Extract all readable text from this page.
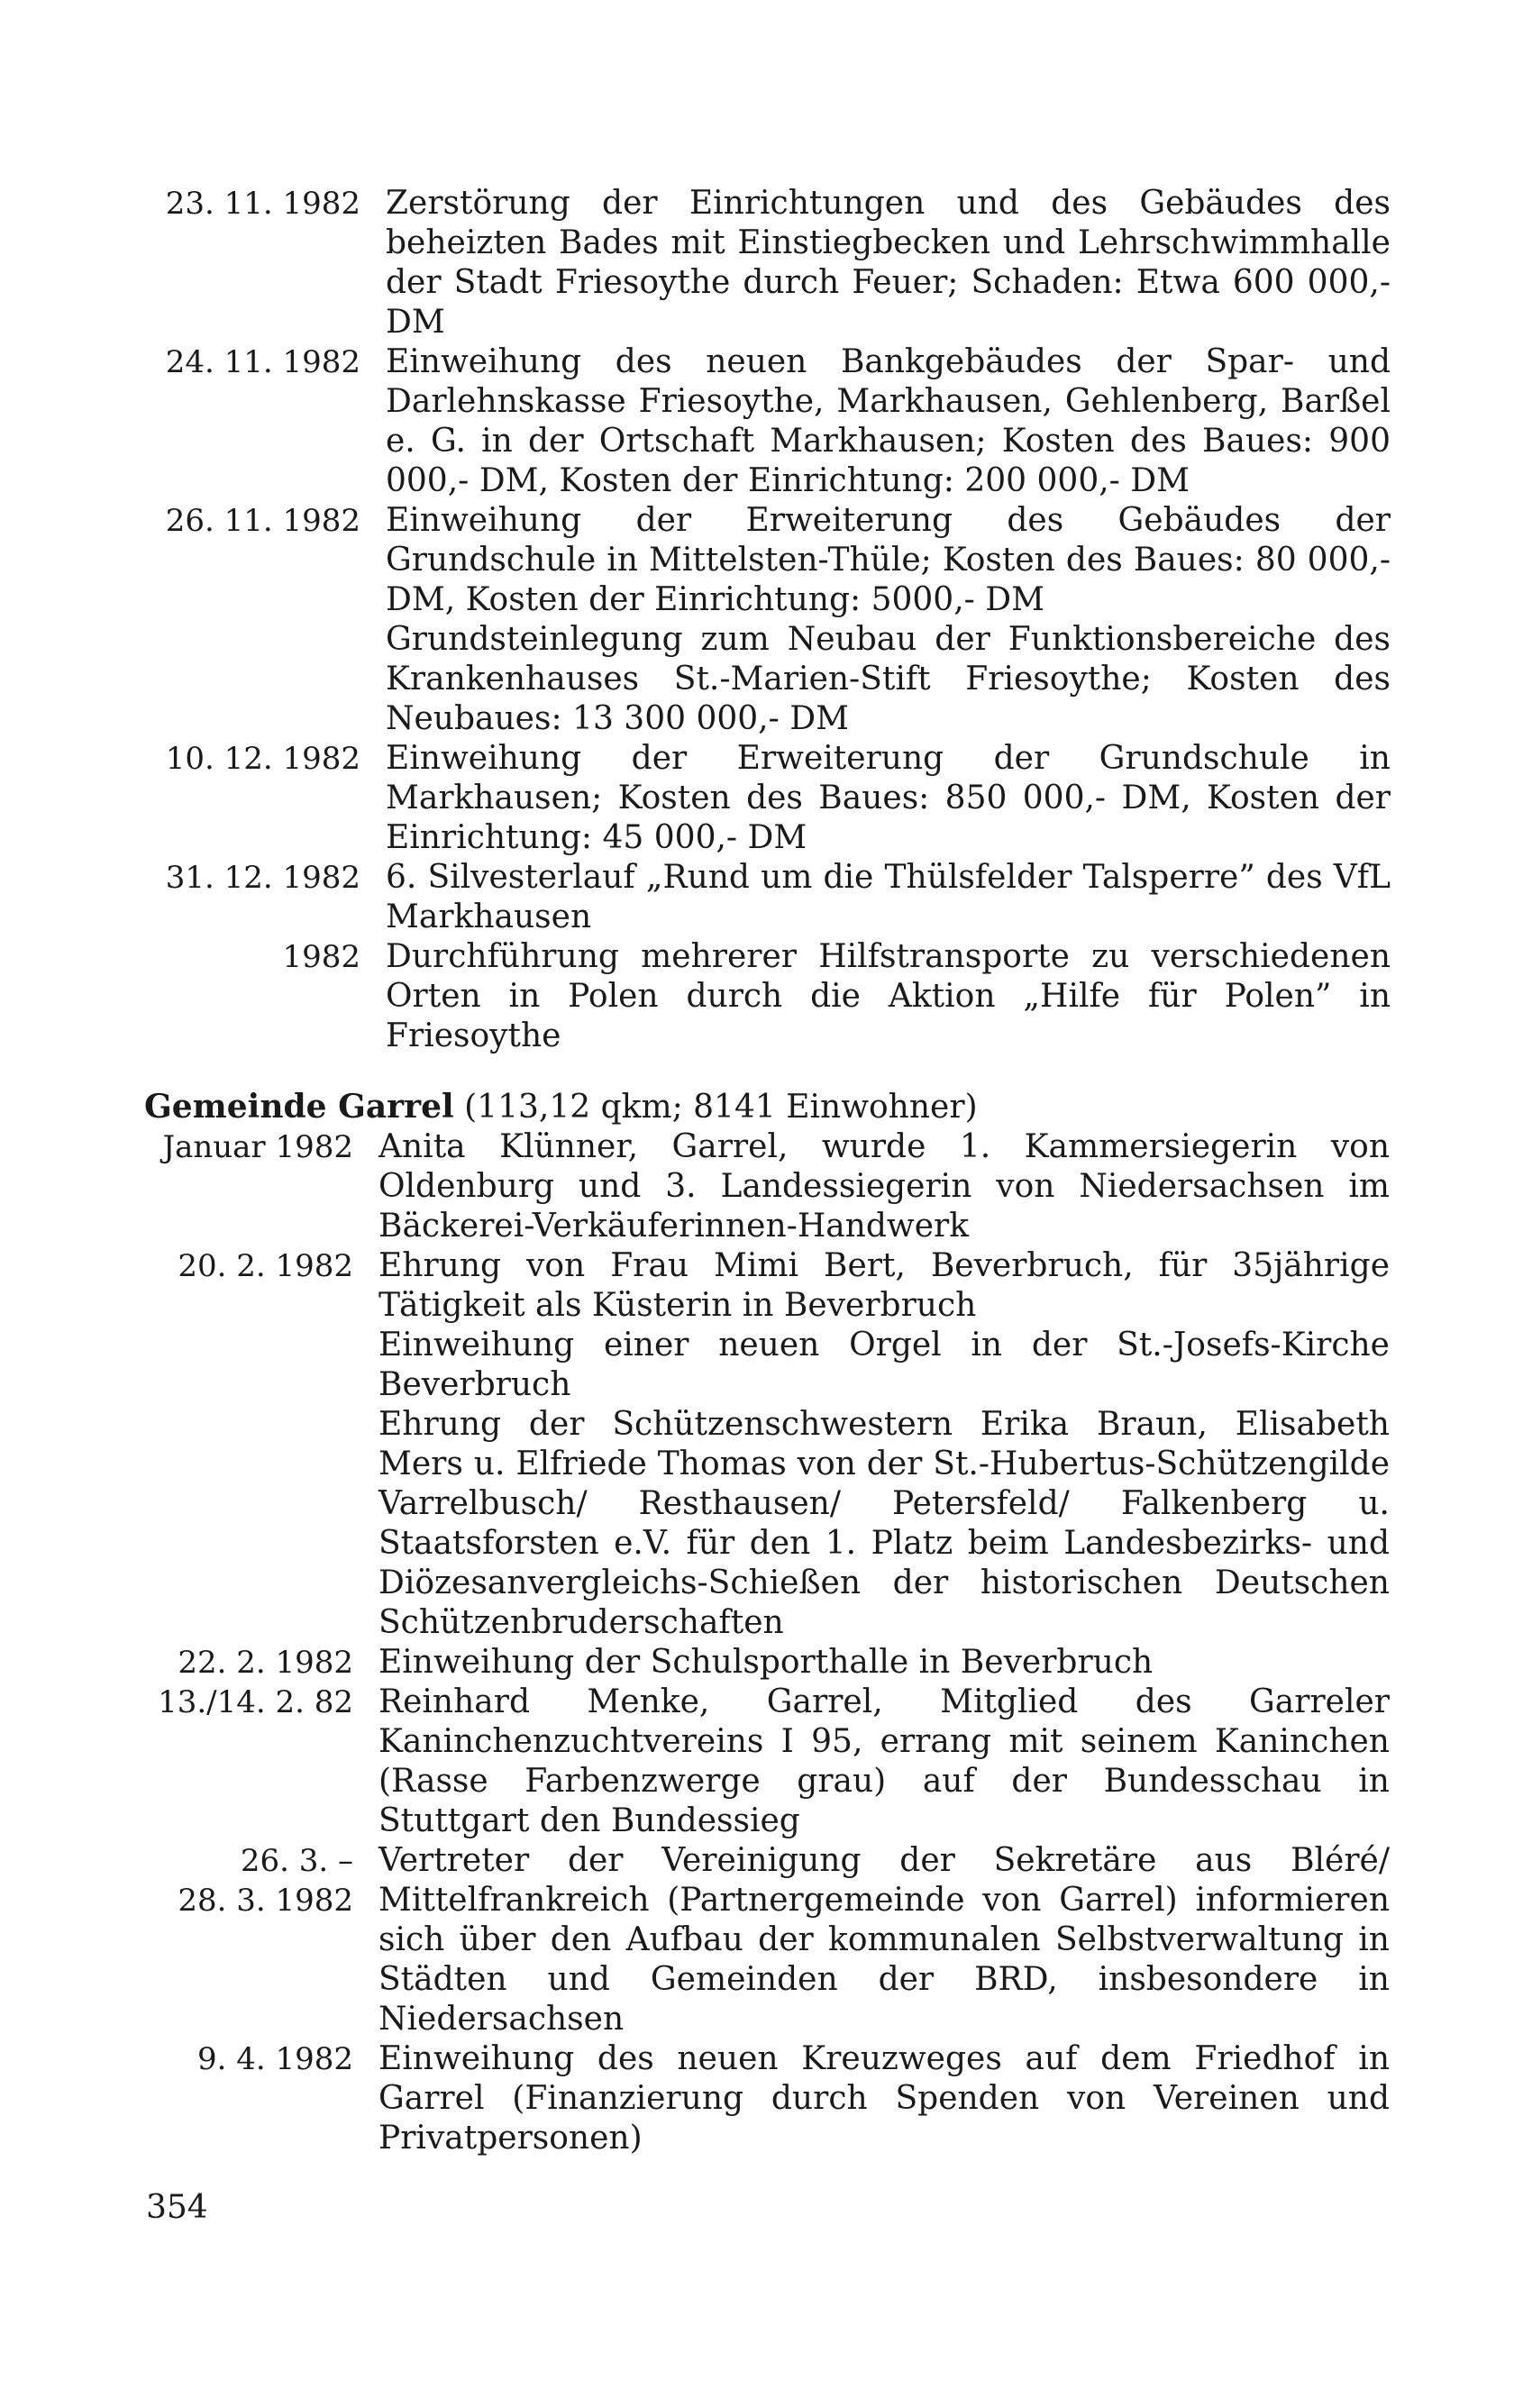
23. 11. 1982 Zerstörung der Einrichtungen und des Gebäudes des beheizten Bades mit Einstiegbecken und Lehrschwimmhalle der Stadt Friesoythe durch Feuer; Schaden: Etwa 600 000,- DM

24. 11. 1982 Einweihung des neuen Bankgebäudes der Spar- und Darlehnskasse Friesoythe, Markhausen, Gehlenberg, Barßel e. G. in der Ortschaft Markhausen; Kosten des Baues: 900 000,- DM, Kosten der Einrichtung: 200 000,- DM

26. 11. 1982 Einweihung der Erweiterung des Gebäudes der Grundschule in Mittelsten-Thüle; Kosten des Baues: 80 000,- DM, Kosten der Einrichtung: 5000,- DM

Grundsteinlegung zum Neubau der Funktionsbereiche des Krankenhauses St.-Marien-Stift Friesoythe; Kosten des Neubaues: 13 300 000,- DM

10. 12. 1982 Einweihung der Erweiterung der Grundschule in Markhausen; Kosten des Baues: 850 000,- DM, Kosten der Einrichtung: 45 000,- DM

31. 12. 1982 6. Silvesterlauf „Rund um die Thülsfelder Talsperre” des VfL Markhausen

1982 Durchführung mehrerer Hilfstransporte zu verschiedenen Orten in Polen durch die Aktion „Hilfe für Polen” in Friesoythe

Gemeinde Garrel (113,12 qkm; 8141 Einwohner)
Januar 1982 Anita Klünner, Garrel, wurde 1. Kammersiegerin von Oldenburg und 3. Landessiegerin von Niedersachsen im Bäckerei-Verkäuferinnen-Handwerk

20. 2. 1982 Ehrung von Frau Mimi Bert, Beverbruch, für 35jährige Tätigkeit als Küsterin in Beverbruch

Einweihung einer neuen Orgel in der St.-Josefs-Kirche Beverbruch

Ehrung der Schützenschwestern Erika Braun, Elisabeth Mers u. Elfriede Thomas von der St.-Hubertus-Schützengilde Varrelbusch/ Resthausen/ Petersfeld/ Falkenberg u. Staatsforsten e.V. für den 1. Platz beim Landesbezirks- und Diözesanvergleichs-Schießen der historischen Deutschen Schützenbruderschaften

22. 2. 1982 Einweihung der Schulsporthalle in Beverbruch

13./14. 2. 82 Reinhard Menke, Garrel, Mitglied des Garreler Kaninchenzuchtvereins I 95, errang mit seinem Kaninchen (Rasse Farbenzwerge grau) auf der Bundesschau in Stuttgart den Bundessieg

26. 3. –
28. 3. 1982

Vertreter der Vereinigung der Sekretäre aus Bléré/ Mittelfrankreich (Partnergemeinde von Garrel) informieren sich über den Aufbau der kommunalen Selbstverwaltung in Städten und Gemeinden der BRD, insbesondere in Niedersachsen

9. 4. 1982 Einweihung des neuen Kreuzweges auf dem Friedhof in Garrel (Finanzierung durch Spenden von Vereinen und Privatpersonen)

354
